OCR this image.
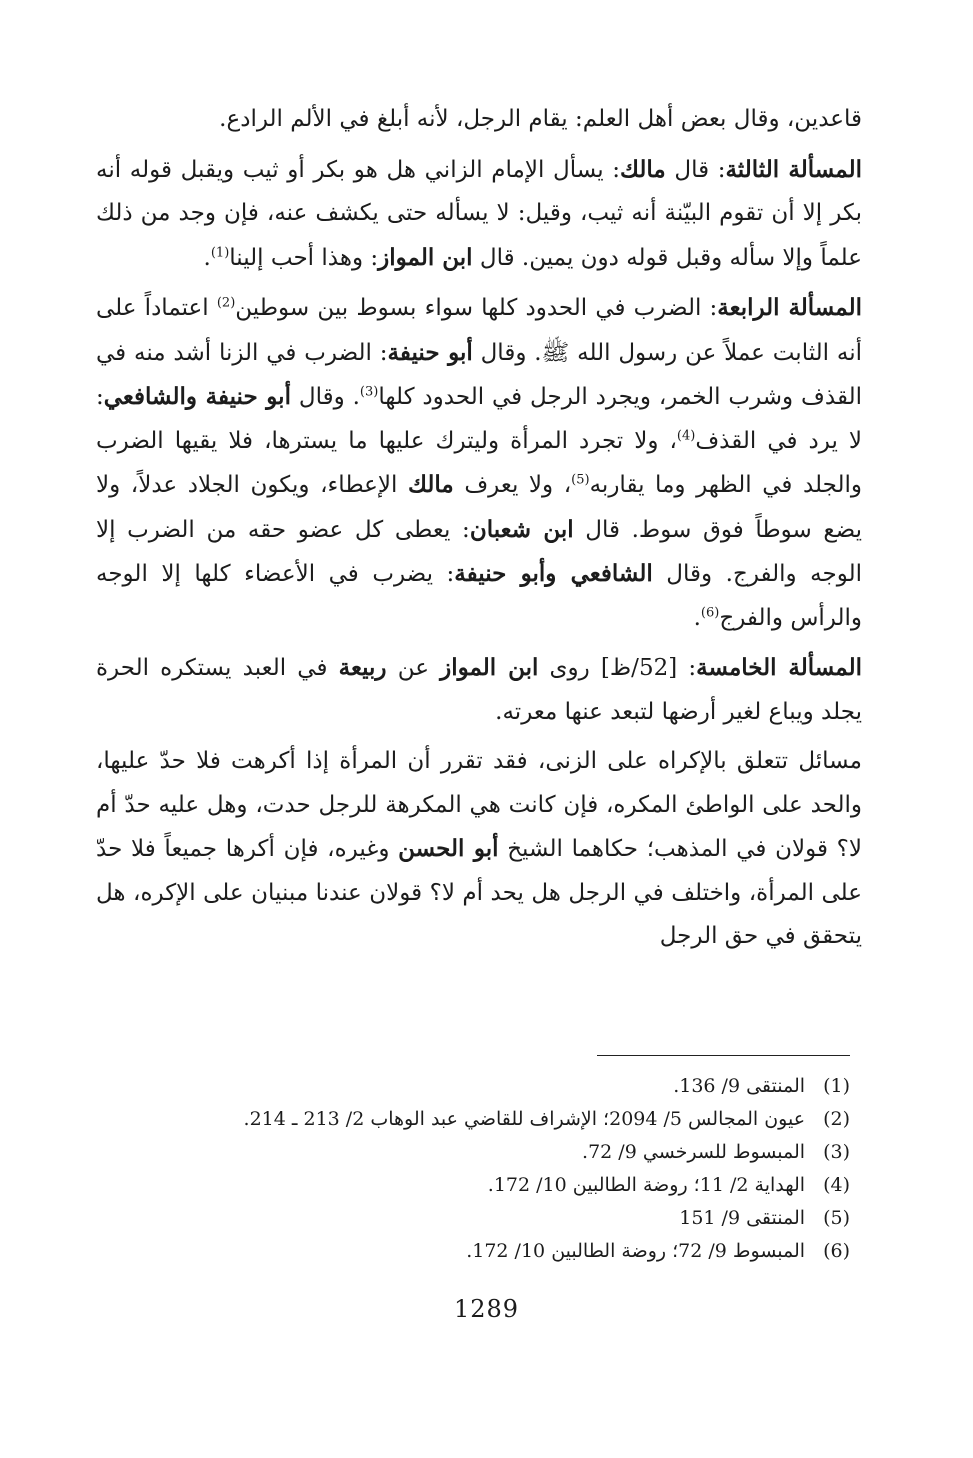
قاعدين، وقال بعض أهل العلم: يقام الرجل، لأنه أبلغ في الألم الرادع.

المسألة الثالثة: قال مالك: يسأل الإمام الزاني هل هو بكر أو ثيب ويقبل قوله أنه بكر إلا أن تقوم البيّنة أنه ثيب، وقيل: لا يسأله حتى يكشف عنه، فإن وجد من ذلك علماً وإلا سأله وقبل قوله دون يمين. قال ابن المواز: وهذا أحب إلينا$^{(1)}$.

المسألة الرابعة: الضرب في الحدود كلها سواء بسوط بين سوطين$^{(2)}$ اعتماداً على أنه الثابت عملاً عن رسول الله ﷺ. وقال أبو حنيفة: الضرب في الزنا أشد منه في القذف وشرب الخمر، ويجرد الرجل في الحدود كلها$^{(3)}$. وقال أبو حنيفة والشافعي: لا يرد في القذف$^{(4)}$، ولا تجرد المرأة وليترك عليها ما يسترها، فلا يقيها الضرب والجلد في الظهر وما يقاربه$^{(5)}$، ولا يعرف مالك الإعطاء، ويكون الجلاد عدلاً، ولا يضع سوطاً فوق سوط. قال ابن شعبان: يعطى كل عضو حقه من الضرب إلا الوجه والفرج. وقال الشافعي وأبو حنيفة: يضرب في الأعضاء كلها إلا الوجه والرأس والفرج$^{(6)}$.

المسألة الخامسة: [52/ظ] روى ابن المواز عن ربيعة في العبد يستكره الحرة يجلد ويباع لغير أرضها لتبعد عنها معرته.

مسائل تتعلق بالإكراه على الزنى، فقد تقرر أن المرأة إذا أكرهت فلا حدّ عليها، والحد على الواطئ المكره، فإن كانت هي المكرهة للرجل حدت، وهل عليه حدّ أم لا؟ قولان في المذهب؛ حكاهما الشيخ أبو الحسن وغيره، فإن أكرها جميعاً فلا حدّ على المرأة، واختلف في الرجل هل يحد أم لا؟ قولان عندنا مبنيان على الإكره، هل يتحقق في حق الرجل

(1)المنتقى 9/ 136.
(2)عيون المجالس 5/ 2094؛ الإشراف للقاضي عبد الوهاب 2/ 213 ـ 214.
(3)المبسوط للسرخسي 9/ 72.
(4)الهداية 2/ 11؛ روضة الطالبين 10/ 172.
(5)المنتقى 9/ 151
(6)المبسوط 9/ 72؛ روضة الطالبين 10/ 172.
1289
